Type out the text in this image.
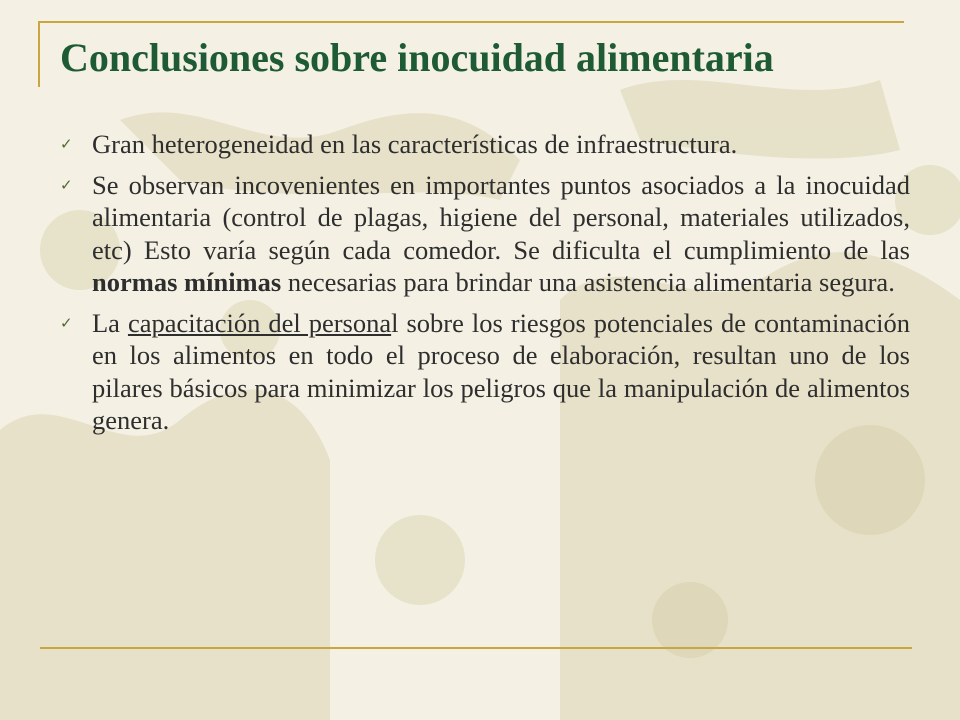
Conclusiones sobre inocuidad alimentaria
✓ Gran heterogeneidad en las características de infraestructura.
✓ Se observan incovenientes en importantes puntos asociados a la inocuidad alimentaria (control de plagas, higiene del personal, materiales utilizados, etc) Esto varía según cada comedor. Se dificulta el cumplimiento de las normas mínimas necesarias para brindar una asistencia alimentaria segura.
✓ La capacitación del personal sobre los riesgos potenciales de contaminación en los alimentos en todo el proceso de elaboración, resultan uno de los pilares básicos para minimizar los peligros que la manipulación de alimentos genera.
